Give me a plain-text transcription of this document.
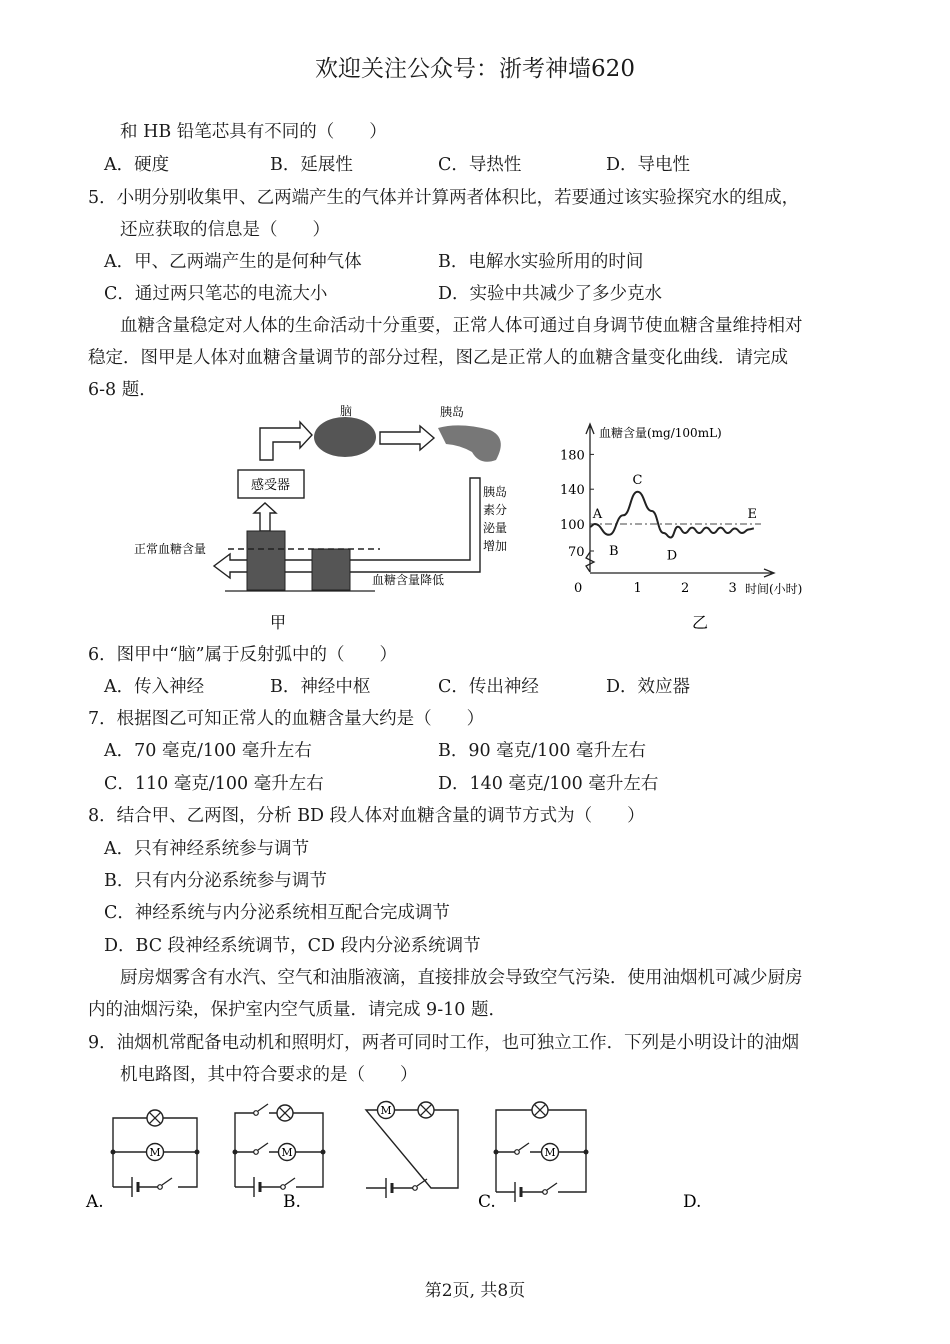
欢迎关注公众号：浙考神墙620
和 HB 铅笔芯具有不同的（　　）
A．硬度	B．延展性	C．导热性	D．导电性
5．小明分别收集甲、乙两端产生的气体并计算两者体积比，若要通过该实验探究水的组成，
还应获取的信息是（　　）
A．甲、乙两端产生的是何种气体	B．电解水实验所用的时间
C．通过两只笔芯的电流大小	D．实验中共减少了多少克水
血糖含量稳定对人体的生命活动十分重要，正常人体可通过自身调节使血糖含量维持相对
稳定．图甲是人体对血糖含量调节的部分过程，图乙是正常人的血糖含量变化曲线．请完成
6-8 题．
脑	胰岛
感受器	胰岛
素分
泌量
增加
正常血糖含量
血糖含量降低
甲
血糖含量(mg/100mL)
时间(小时)
0	1	2	3
70
100
140
180
A
B
C
D
E
乙
6．图甲中“脑”属于反射弧中的（　　）
A．传入神经	B．神经中枢	C．传出神经	D．效应器
7．根据图乙可知正常人的血糖含量大约是（　　）
A．70 毫克/100 毫升左右	B．90 毫克/100 毫升左右
C．110 毫克/100 毫升左右	D．140 毫克/100 毫升左右
8．结合甲、乙两图，分析 BD 段人体对血糖含量的调节方式为（　　）
A．只有神经系统参与调节
B．只有内分泌系统参与调节
C．神经系统与内分泌系统相互配合完成调节
D．BC 段神经系统调节，CD 段内分泌系统调节
厨房烟雾含有水汽、空气和油脂液滴，直接排放会导致空气污染．使用油烟机可减少厨房
内的油烟污染，保护室内空气质量．请完成 9-10 题．
9．油烟机常配备电动机和照明灯，两者可同时工作，也可独立工作．下列是小明设计的油烟
机电路图，其中符合要求的是（　　）
M	M
M
M
A.	B.	C.	D.
第2页, 共8页
